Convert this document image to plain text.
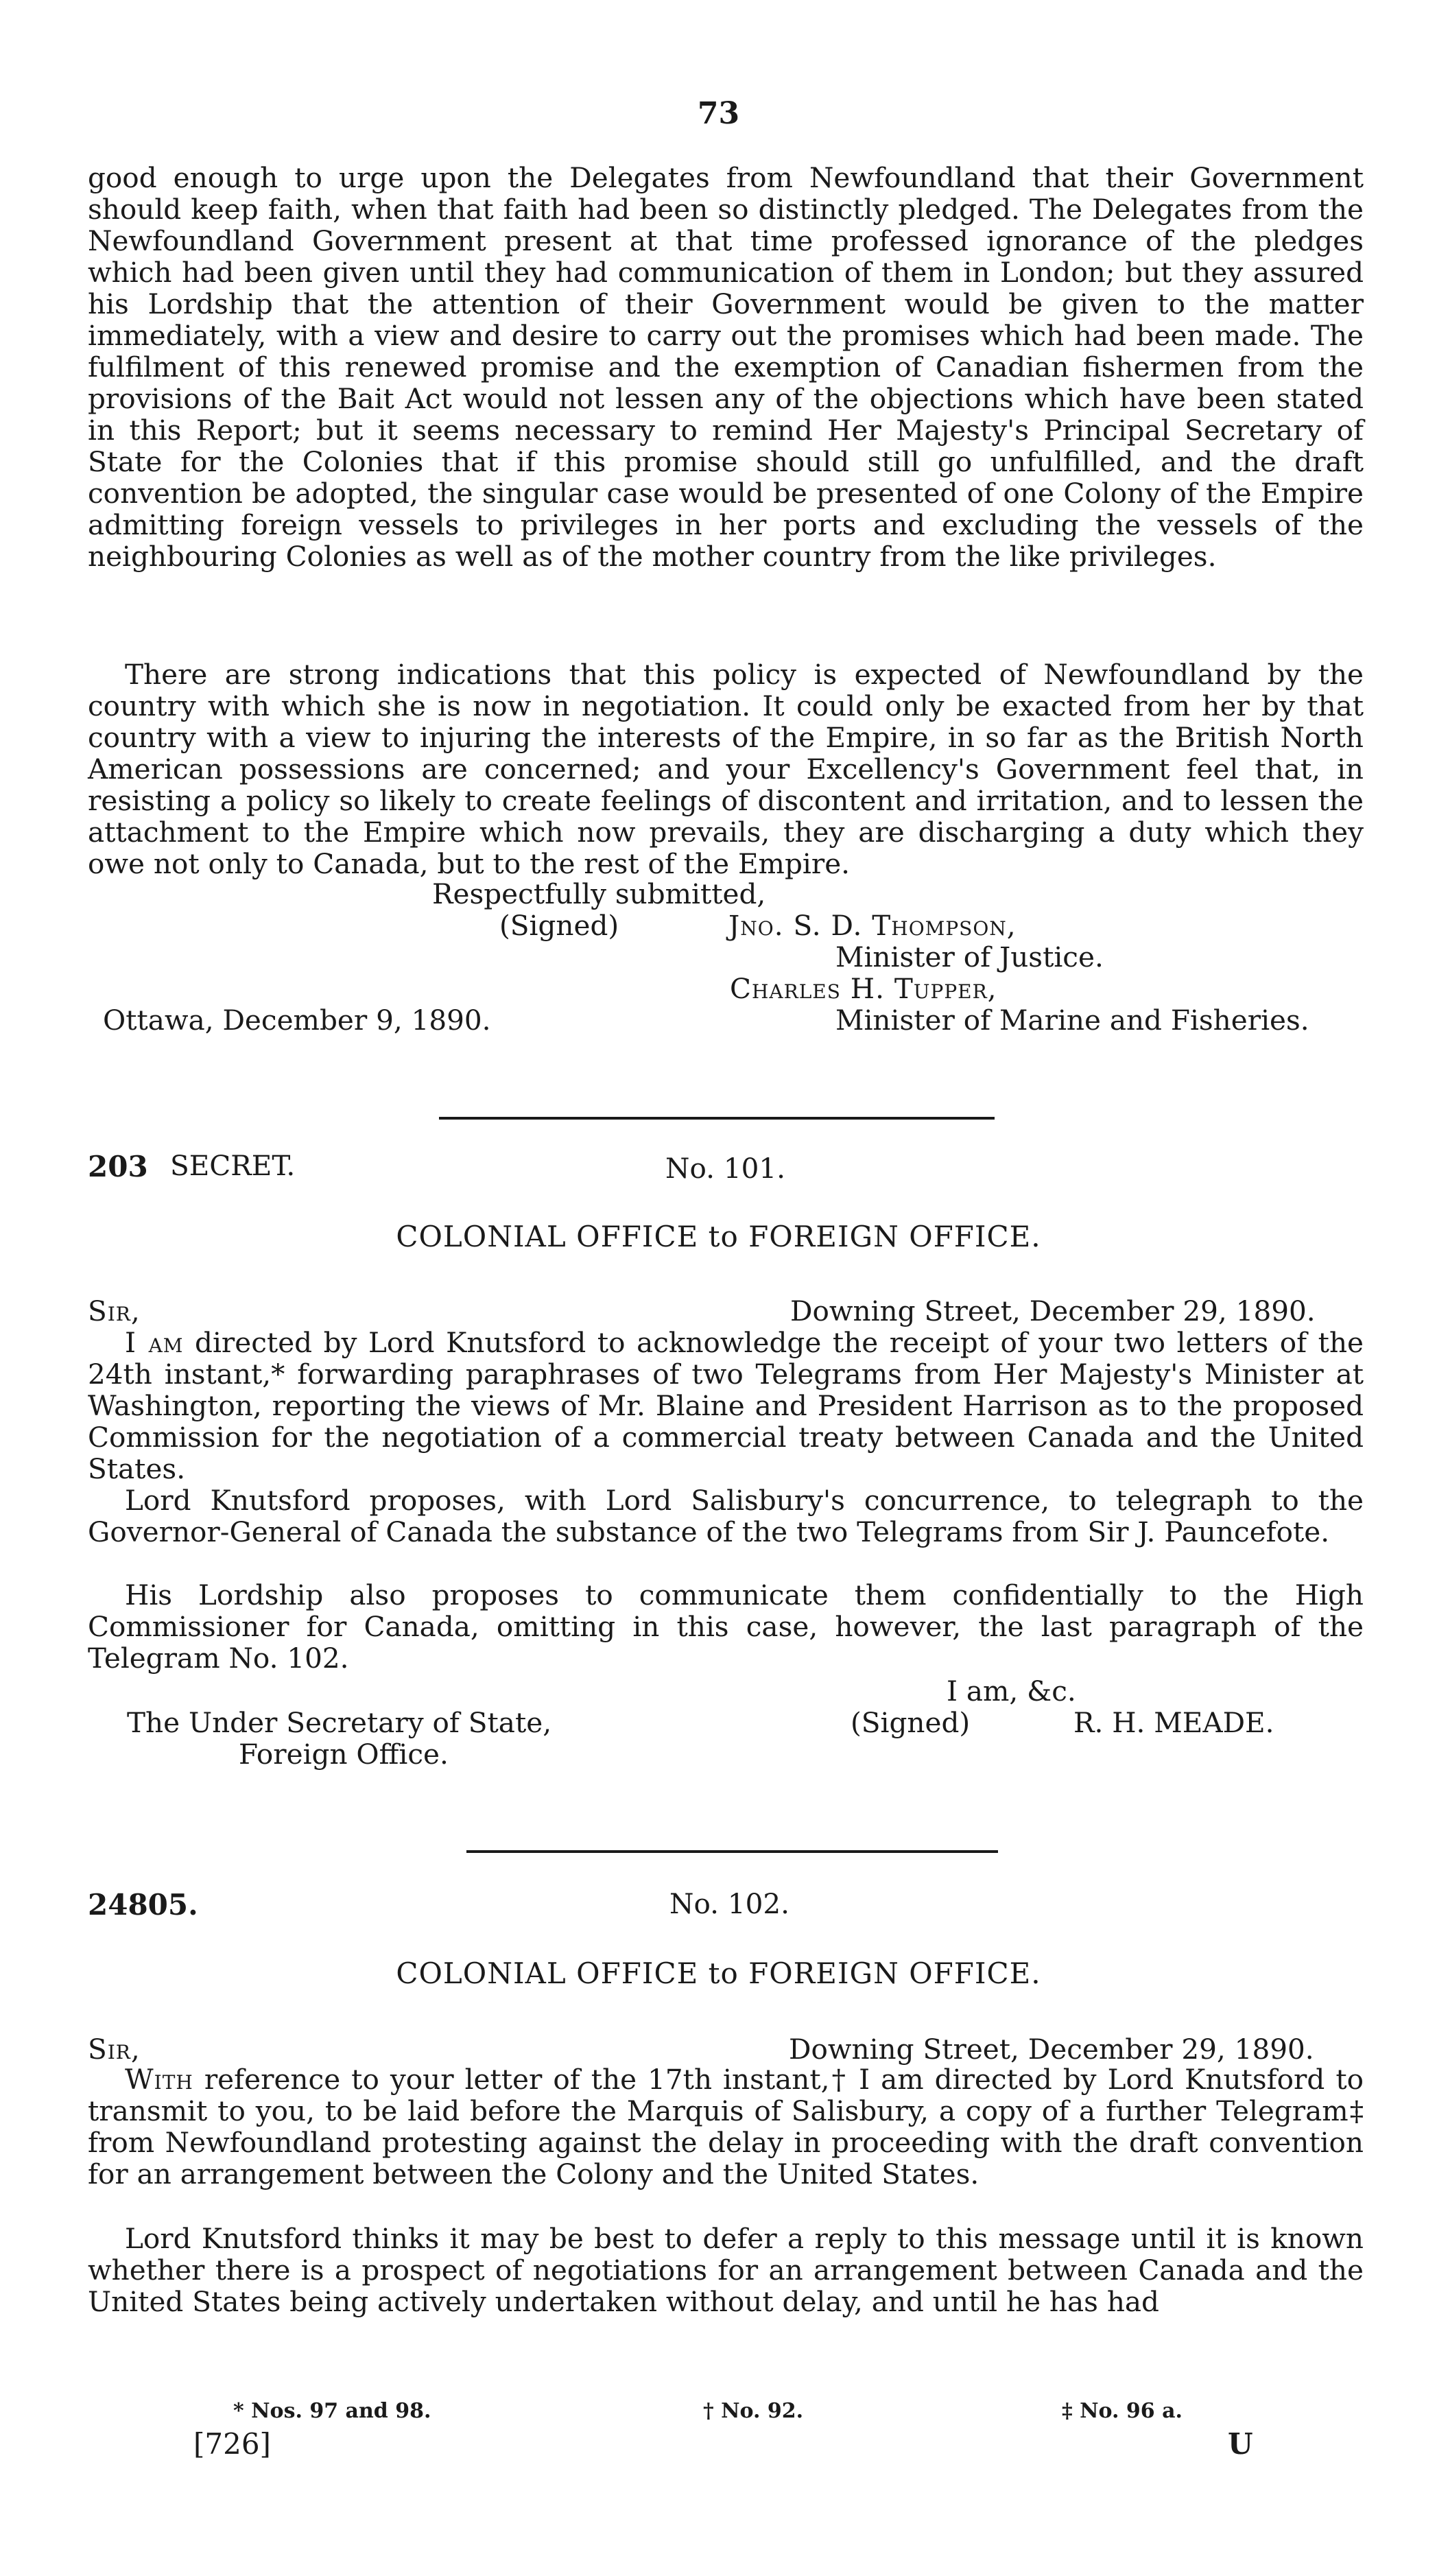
73

good enough to urge upon the Delegates from Newfoundland that their Government should keep faith, when that faith had been so distinctly pledged. The Delegates from the Newfoundland Government present at that time professed ignorance of the pledges which had been given until they had communication of them in London; but they assured his Lordship that the attention of their Government would be given to the matter immediately, with a view and desire to carry out the promises which had been made. The fulfilment of this renewed promise and the exemption of Canadian fishermen from the provisions of the Bait Act would not lessen any of the objections which have been stated in this Report; but it seems necessary to remind Her Majesty's Principal Secretary of State for the Colonies that if this promise should still go unfulfilled, and the draft convention be adopted, the singular case would be presented of one Colony of the Empire admitting foreign vessels to privileges in her ports and excluding the vessels of the neighbouring Colonies as well as of the mother country from the like privileges.

There are strong indications that this policy is expected of Newfoundland by the country with which she is now in negotiation. It could only be exacted from her by that country with a view to injuring the interests of the Empire, in so far as the British North American possessions are concerned; and your Excellency's Government feel that, in resisting a policy so likely to create feelings of discontent and irritation, and to lessen the attachment to the Empire which now prevails, they are discharging a duty which they owe not only to Canada, but to the rest of the Empire.

Respectfully submitted,
(Signed)	Jno. S. D. Thompson,
Minister of Justice.
Charles H. Tupper,
Ottawa, December 9, 1890.	Minister of Marine and Fisheries.
203 SECRET.	No. 101.
COLONIAL OFFICE to FOREIGN OFFICE.
Sir,	Downing Street, December 29, 1890.

I am directed by Lord Knutsford to acknowledge the receipt of your two letters of the 24th instant,* forwarding paraphrases of two Telegrams from Her Majesty's Minister at Washington, reporting the views of Mr. Blaine and President Harrison as to the proposed Commission for the negotiation of a commercial treaty between Canada and the United States.

Lord Knutsford proposes, with Lord Salisbury's concurrence, to telegraph to the Governor-General of Canada the substance of the two Telegrams from Sir J. Pauncefote.

His Lordship also proposes to communicate them confidentially to the High Commissioner for Canada, omitting in this case, however, the last paragraph of the Telegram No. 102.

I am, &c.
The Under Secretary of State,	(Signed)	R. H. MEADE.
Foreign Office.
24805.	No. 102.
COLONIAL OFFICE to FOREIGN OFFICE.
Sir,	Downing Street, December 29, 1890.

With reference to your letter of the 17th instant,† I am directed by Lord Knutsford to transmit to you, to be laid before the Marquis of Salisbury, a copy of a further Telegram‡ from Newfoundland protesting against the delay in proceeding with the draft convention for an arrangement between the Colony and the United States.

Lord Knutsford thinks it may be best to defer a reply to this message until it is known whether there is a prospect of negotiations for an arrangement between Canada and the United States being actively undertaken without delay, and until he has had

* Nos. 97 and 98.	† No. 92.	‡ No. 96 a.
[726]	U
